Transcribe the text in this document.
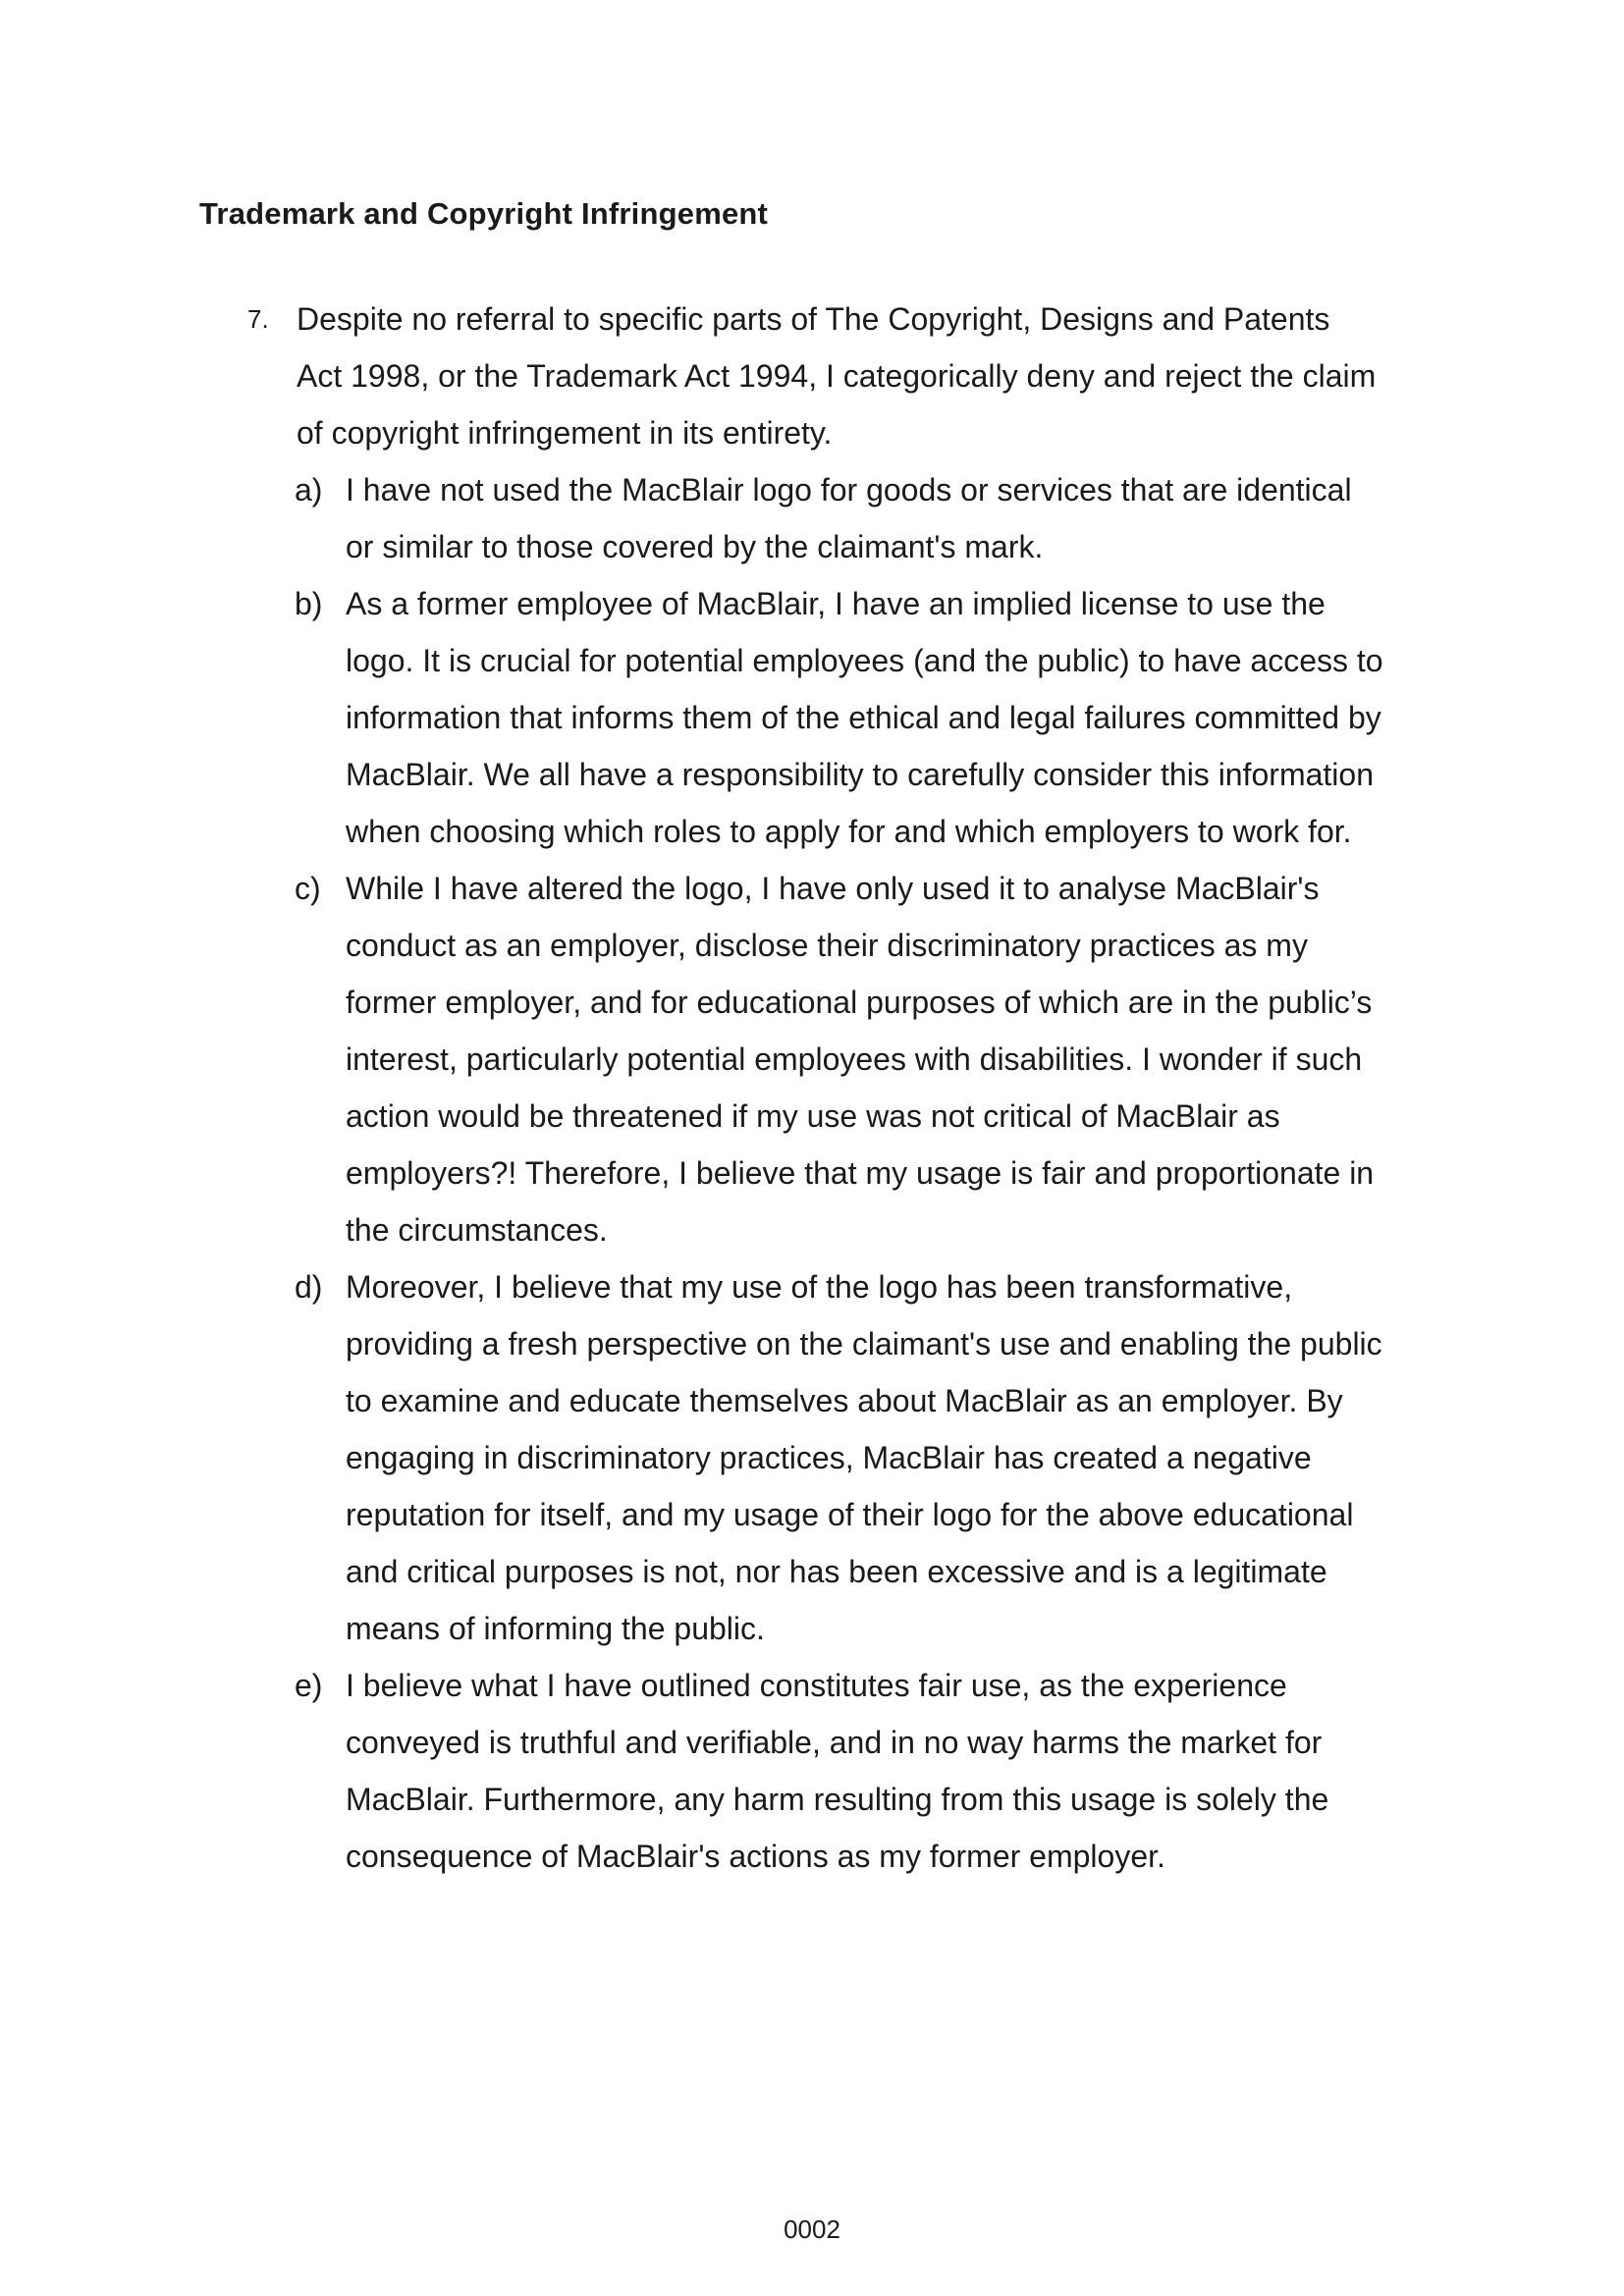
Trademark and Copyright Infringement
7. Despite no referral to specific parts of The Copyright, Designs and Patents
Act 1998, or the Trademark Act 1994, I categorically deny and reject the claim
of copyright infringement in its entirety.
a) I have not used the MacBlair logo for goods or services that are identical
or similar to those covered by the claimant's mark.
b) As a former employee of MacBlair, I have an implied license to use the
logo. It is crucial for potential employees (and the public) to have access to
information that informs them of the ethical and legal failures committed by
MacBlair. We all have a responsibility to carefully consider this information
when choosing which roles to apply for and which employers to work for.
c) While I have altered the logo, I have only used it to analyse MacBlair's
conduct as an employer, disclose their discriminatory practices as my
former employer, and for educational purposes of which are in the public’s
interest, particularly potential employees with disabilities. I wonder if such
action would be threatened if my use was not critical of MacBlair as
employers?! Therefore, I believe that my usage is fair and proportionate in
the circumstances.
d) Moreover, I believe that my use of the logo has been transformative,
providing a fresh perspective on the claimant's use and enabling the public
to examine and educate themselves about MacBlair as an employer. By
engaging in discriminatory practices, MacBlair has created a negative
reputation for itself, and my usage of their logo for the above educational
and critical purposes is not, nor has been excessive and is a legitimate
means of informing the public.
e) I believe what I have outlined constitutes fair use, as the experience
conveyed is truthful and verifiable, and in no way harms the market for
MacBlair. Furthermore, any harm resulting from this usage is solely the
consequence of MacBlair's actions as my former employer.
0002
